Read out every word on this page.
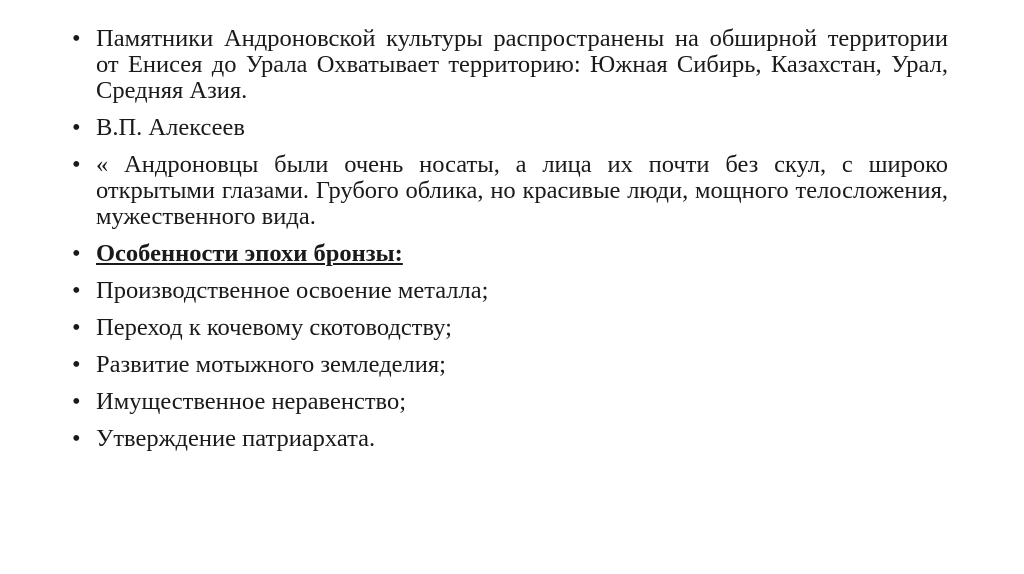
• Памятники Андроновской культуры распространены на обширной территории от Енисея до Урала Охватывает территорию: Южная Сибирь, Казахстан, Урал, Средняя Азия.
• В.П. Алексеев
• « Андроновцы были очень носаты, а лица их почти без скул, с широко открытыми глазами. Грубого облика, но красивые люди, мощного телосложения, мужественного вида.
• Особенности эпохи бронзы:
• Производственное освоение металла;
• Переход к кочевому скотоводству;
• Развитие мотыжного земледелия;
• Имущественное неравенство;
• Утверждение патриархата.
